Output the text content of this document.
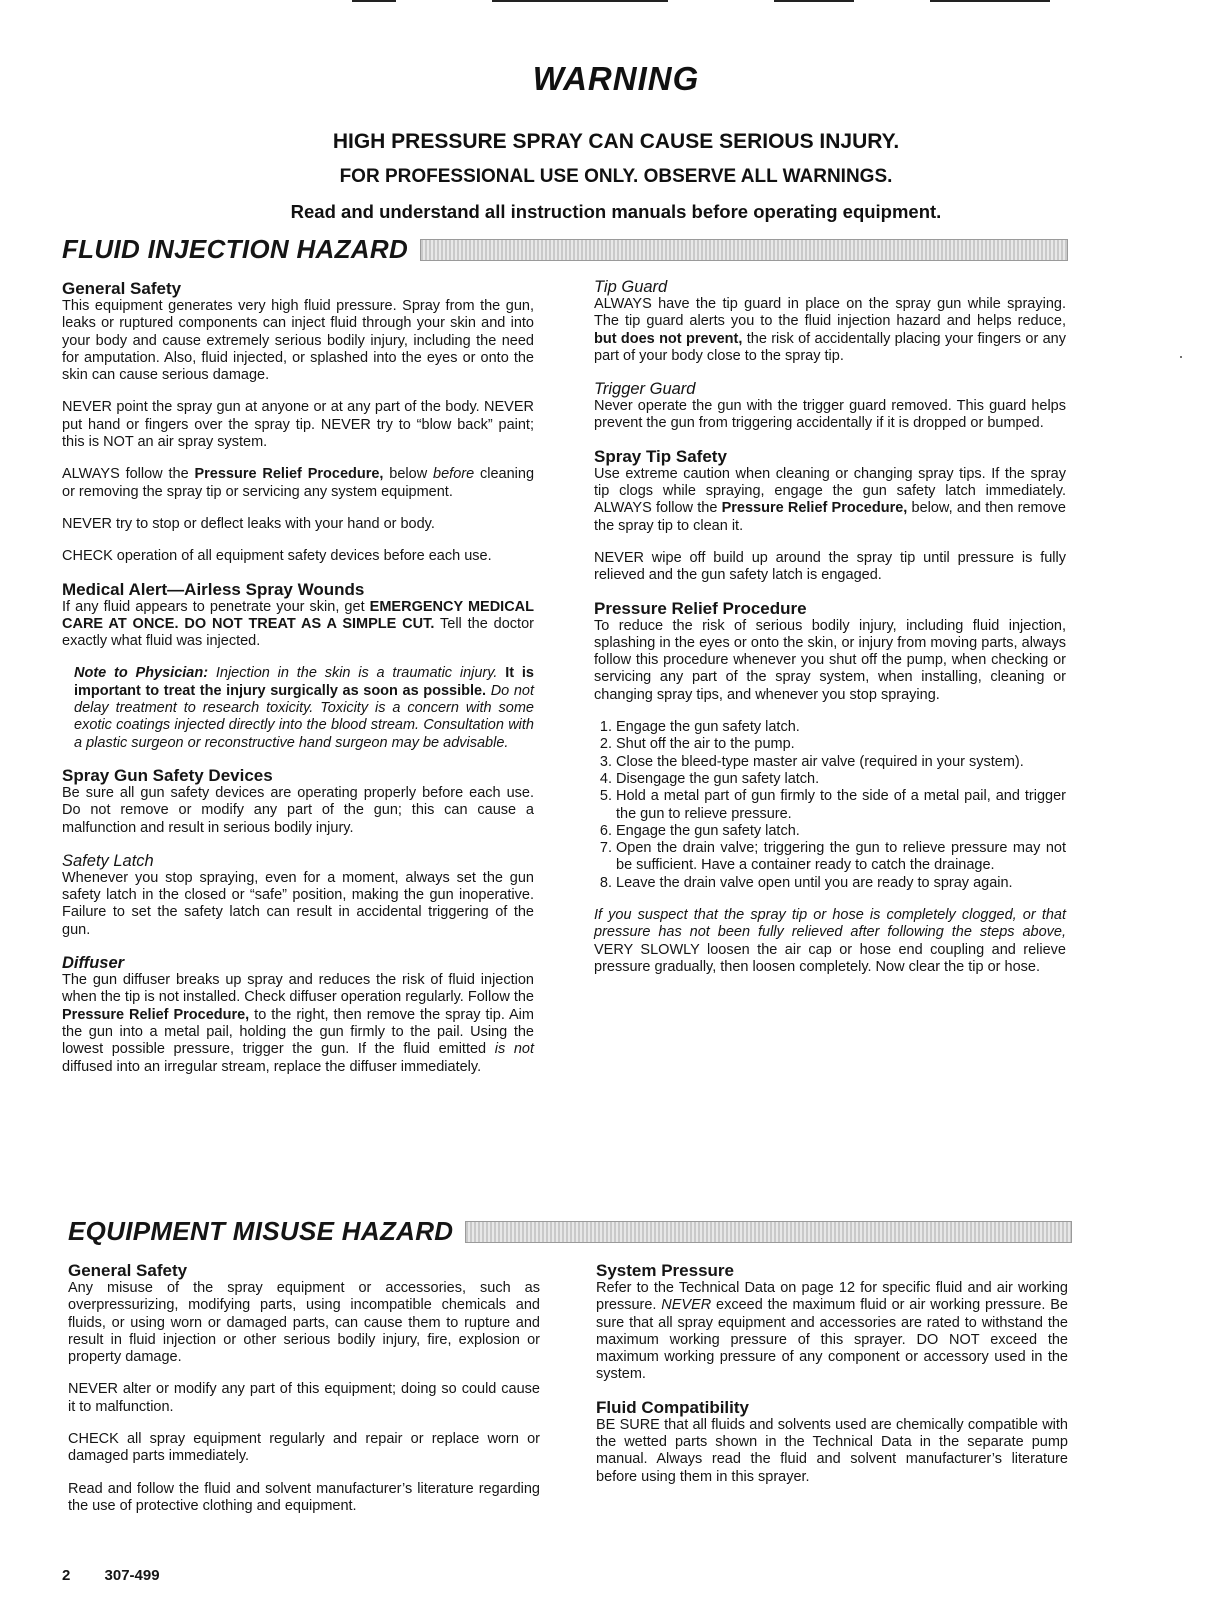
WARNING
HIGH PRESSURE SPRAY CAN CAUSE SERIOUS INJURY.
FOR PROFESSIONAL USE ONLY. OBSERVE ALL WARNINGS.
Read and understand all instruction manuals before operating equipment.
FLUID INJECTION HAZARD
General Safety

This equipment generates very high fluid pressure. Spray from the gun, leaks or ruptured components can inject fluid through your skin and into your body and cause extremely serious bodily injury, including the need for amputation. Also, fluid injected, or splashed into the eyes or onto the skin can cause serious damage.

NEVER point the spray gun at anyone or at any part of the body. NEVER put hand or fingers over the spray tip. NEVER try to “blow back” paint; this is NOT an air spray system.

ALWAYS follow the Pressure Relief Procedure, below before cleaning or removing the spray tip or servicing any system equipment.

NEVER try to stop or deflect leaks with your hand or body.

CHECK operation of all equipment safety devices before each use.

Medical Alert—Airless Spray Wounds

If any fluid appears to penetrate your skin, get EMERGENCY MEDICAL CARE AT ONCE. DO NOT TREAT AS A SIMPLE CUT. Tell the doctor exactly what fluid was injected.

Note to Physician: Injection in the skin is a traumatic injury. It is important to treat the injury surgically as soon as possible. Do not delay treatment to research toxicity. Toxicity is a concern with some exotic coatings injected directly into the blood stream. Consultation with a plastic surgeon or reconstructive hand surgeon may be advisable.

Spray Gun Safety Devices

Be sure all gun safety devices are operating properly before each use. Do not remove or modify any part of the gun; this can cause a malfunction and result in serious bodily injury.

Safety Latch

Whenever you stop spraying, even for a moment, always set the gun safety latch in the closed or “safe” position, making the gun inoperative. Failure to set the safety latch can result in accidental triggering of the gun.

Diffuser

The gun diffuser breaks up spray and reduces the risk of fluid injection when the tip is not installed. Check diffuser operation regularly. Follow the Pressure Relief Procedure, to the right, then remove the spray tip. Aim the gun into a metal pail, holding the gun firmly to the pail. Using the lowest possible pressure, trigger the gun. If the fluid emitted is not diffused into an irregular stream, replace the diffuser immediately.

Tip Guard

ALWAYS have the tip guard in place on the spray gun while spraying. The tip guard alerts you to the fluid injection hazard and helps reduce, but does not prevent, the risk of accidentally placing your fingers or any part of your body close to the spray tip.

Trigger Guard

Never operate the gun with the trigger guard removed. This guard helps prevent the gun from triggering accidentally if it is dropped or bumped.

Spray Tip Safety

Use extreme caution when cleaning or changing spray tips. If the spray tip clogs while spraying, engage the gun safety latch immediately. ALWAYS follow the Pressure Relief Procedure, below, and then remove the spray tip to clean it.

NEVER wipe off build up around the spray tip until pressure is fully relieved and the gun safety latch is engaged.

Pressure Relief Procedure

To reduce the risk of serious bodily injury, including fluid injection, splashing in the eyes or onto the skin, or injury from moving parts, always follow this procedure whenever you shut off the pump, when checking or servicing any part of the spray system, when installing, cleaning or changing spray tips, and whenever you stop spraying.

1. Engage the gun safety latch.
2. Shut off the air to the pump.
3. Close the bleed-type master air valve (required in your system).
4. Disengage the gun safety latch.
5. Hold a metal part of gun firmly to the side of a metal pail, and trigger the gun to relieve pressure.
6. Engage the gun safety latch.
7. Open the drain valve; triggering the gun to relieve pressure may not be sufficient. Have a container ready to catch the drainage.
8. Leave the drain valve open until you are ready to spray again.

If you suspect that the spray tip or hose is completely clogged, or that pressure has not been fully relieved after following the steps above, VERY SLOWLY loosen the air cap or hose end coupling and relieve pressure gradually, then loosen completely. Now clear the tip or hose.

EQUIPMENT MISUSE HAZARD
General Safety

Any misuse of the spray equipment or accessories, such as overpressurizing, modifying parts, using incompatible chemicals and fluids, or using worn or damaged parts, can cause them to rupture and result in fluid injection or other serious bodily injury, fire, explosion or property damage.

NEVER alter or modify any part of this equipment; doing so could cause it to malfunction.

CHECK all spray equipment regularly and repair or replace worn or damaged parts immediately.

Read and follow the fluid and solvent manufacturer’s literature regarding the use of protective clothing and equipment.

System Pressure

Refer to the Technical Data on page 12 for specific fluid and air working pressure. NEVER exceed the maximum fluid or air working pressure. Be sure that all spray equipment and accessories are rated to withstand the maximum working pressure of this sprayer. DO NOT exceed the maximum working pressure of any component or accessory used in the system.

Fluid Compatibility

BE SURE that all fluids and solvents used are chemically compatible with the wetted parts shown in the Technical Data in the separate pump manual. Always read the fluid and solvent manufacturer’s literature before using them in this sprayer.

2 307-499
